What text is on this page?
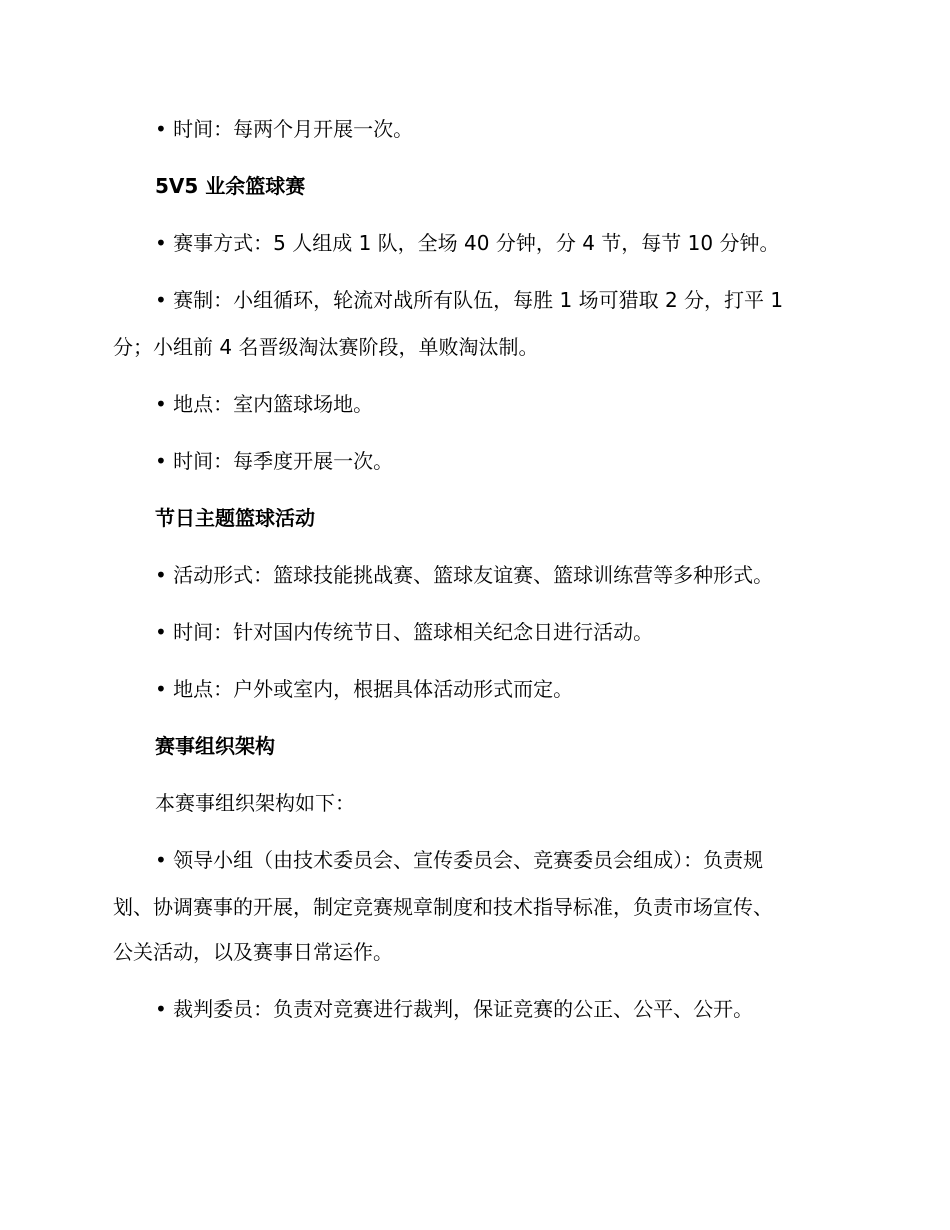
• 时间：每两个月开展一次。
5V5 业余篮球赛
• 赛事方式：5 人组成 1 队，全场 40 分钟，分 4 节，每节 10 分钟。
• 赛制：小组循环，轮流对战所有队伍，每胜 1 场可猎取 2 分，打平 1
分；小组前 4 名晋级淘汰赛阶段，单败淘汰制。
• 地点：室内篮球场地。
• 时间：每季度开展一次。
节日主题篮球活动
• 活动形式：篮球技能挑战赛、篮球友谊赛、篮球训练营等多种形式。
• 时间：针对国内传统节日、篮球相关纪念日进行活动。
• 地点：户外或室内，根据具体活动形式而定。
赛事组织架构
本赛事组织架构如下：
• 领导小组（由技术委员会、宣传委员会、竞赛委员会组成）：负责规
划、协调赛事的开展，制定竞赛规章制度和技术指导标准，负责市场宣传、
公关活动，以及赛事日常运作。
• 裁判委员：负责对竞赛进行裁判，保证竞赛的公正、公平、公开。
